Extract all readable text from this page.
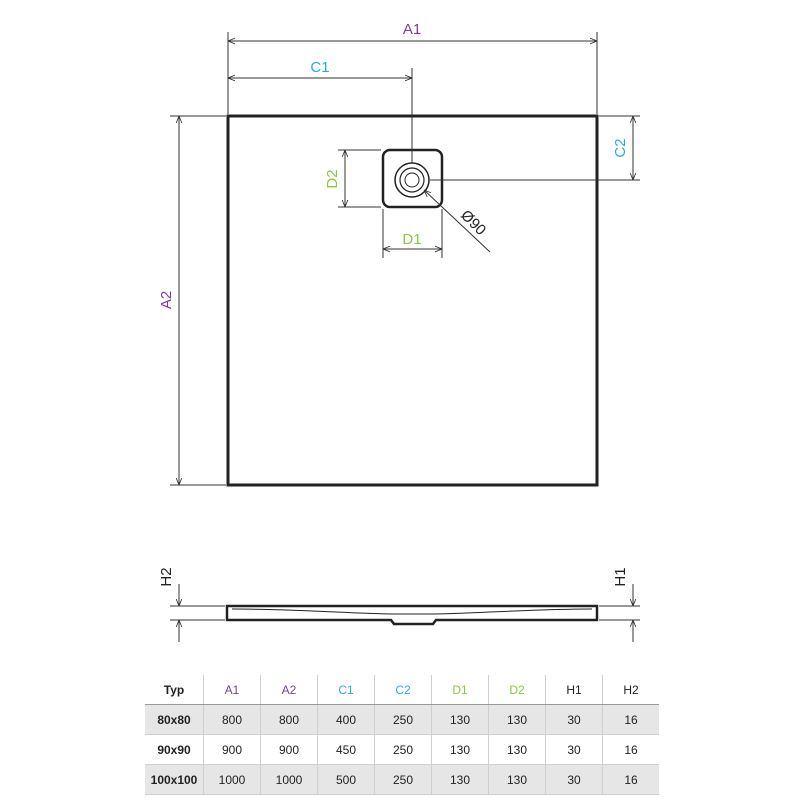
A1
C1
A2
C2
D2
D1
Ø90
H2	H1
Typ	A1	A2	C1	C2	D1	D2	H1	H2
80x80	800	800	400	250	130	130	30	16
90x90	900	900	450	250	130	130	30	16
100x100	1000	1000	500	250	130	130	30	16
